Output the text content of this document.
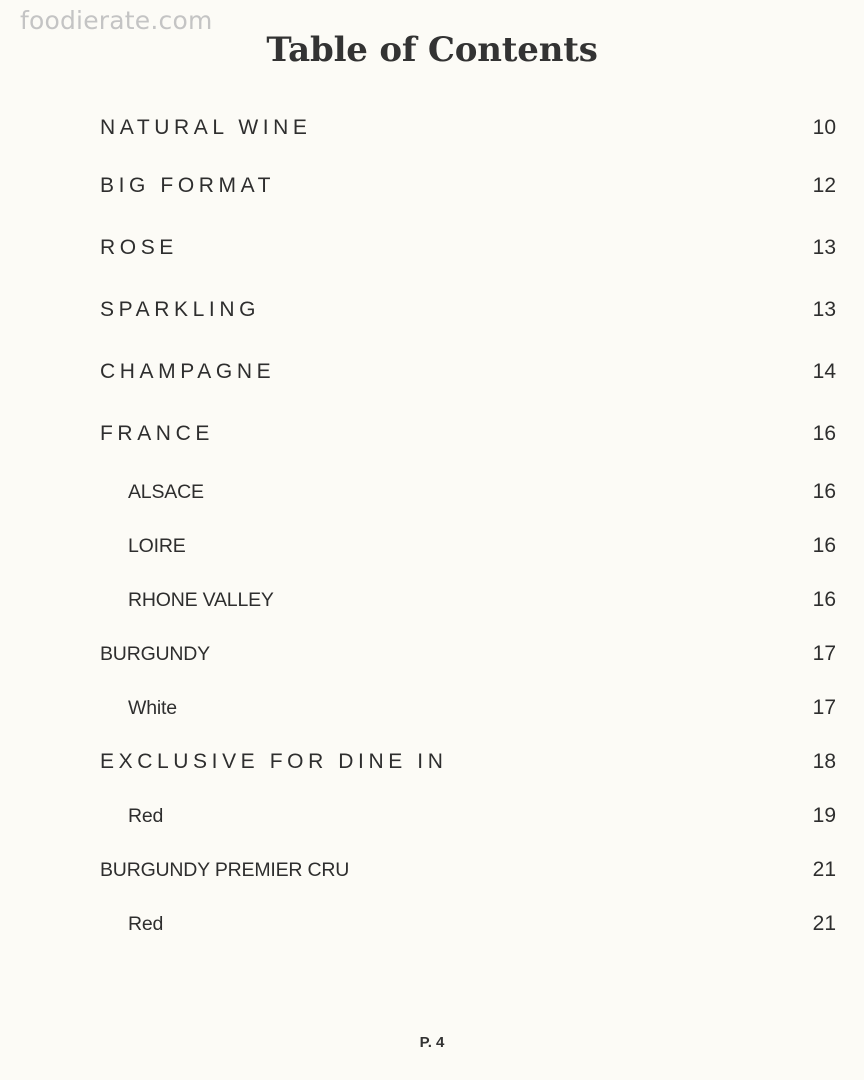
foodierate.com
Table of Contents
NATURAL WINE	10
BIG FORMAT	12
ROSE	13
SPARKLING	13
CHAMPAGNE	14
FRANCE	16
ALSACE	16
LOIRE	16
RHONE VALLEY	16
BURGUNDY	17
White	17
EXCLUSIVE FOR DINE IN	18
Red	19
BURGUNDY PREMIER CRU	21
Red	21
P. 4
